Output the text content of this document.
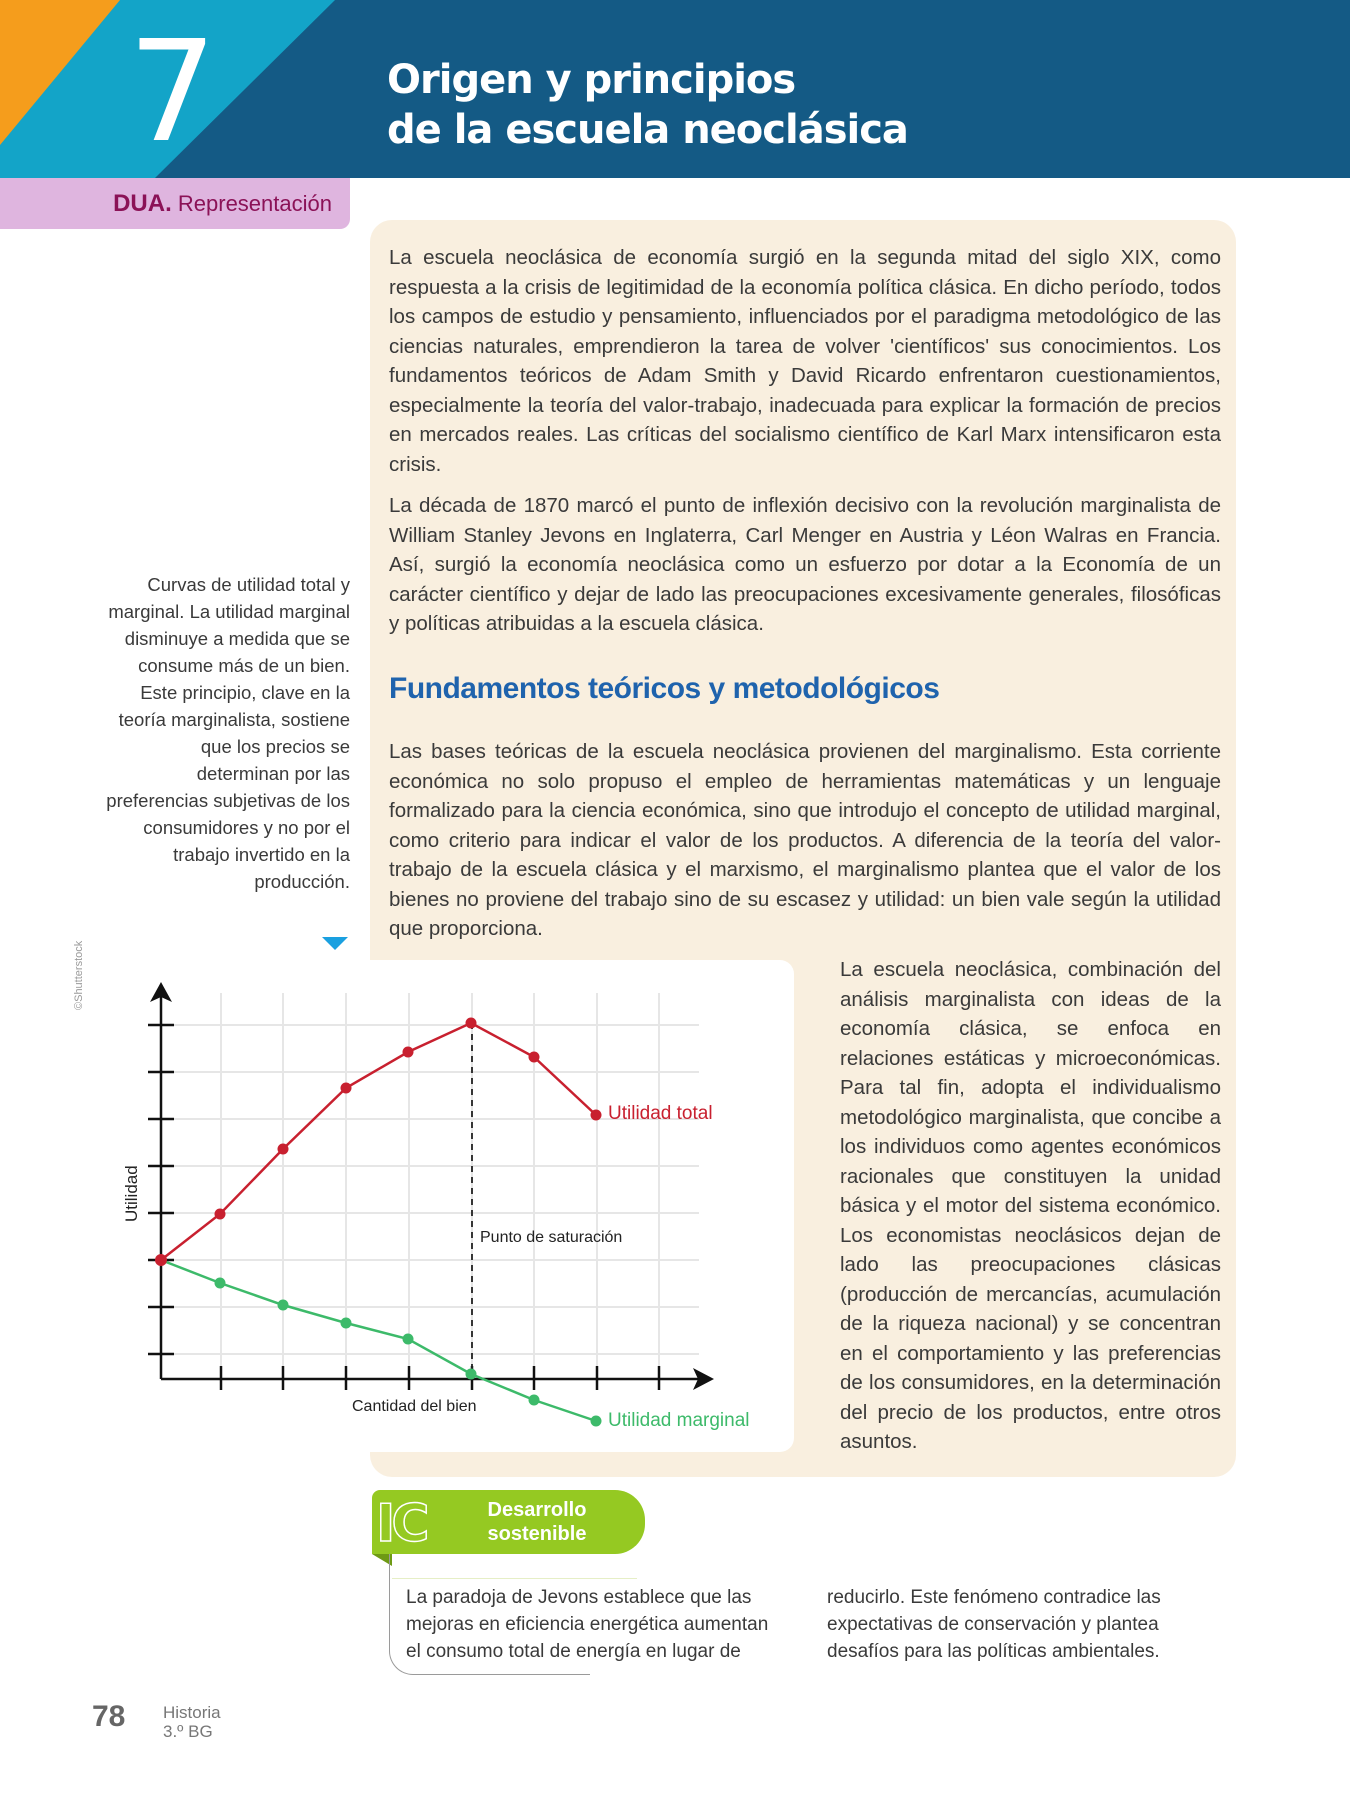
7	Origen y principios
de la escuela neoclásica
DUA. Representación

La escuela neoclásica de economía surgió en la segunda mitad del siglo XIX, como respuesta a la crisis de legitimidad de la economía política clásica. En dicho período, todos los campos de estudio y pensamiento, influenciados por el paradigma metodológico de las ciencias naturales, emprendieron la tarea de volver 'científicos' sus conocimientos. Los fundamentos teóricos de Adam Smith y David Ricardo enfrentaron cuestionamientos, especialmente la teoría del valor-trabajo, inadecuada para explicar la formación de precios en mercados reales. Las críticas del socialismo científico de Karl Marx intensificaron esta crisis.

La década de 1870 marcó el punto de inflexión decisivo con la revolución marginalista de William Stanley Jevons en Inglaterra, Carl Menger en Austria y Léon Walras en Francia. Así, surgió la economía neoclásica como un esfuerzo por dotar a la Economía de un carácter científico y dejar de lado las preocupaciones excesivamente generales, filosóficas y políticas atribuidas a la escuela clásica.

Fundamentos teóricos y metodológicos

Las bases teóricas de la escuela neoclásica provienen del marginalismo. Esta corriente económica no solo propuso el empleo de herramientas matemáticas y un lenguaje formalizado para la ciencia económica, sino que introdujo el concepto de utilidad marginal, como criterio para indicar el valor de los productos. A diferencia de la teoría del valor-trabajo de la escuela clásica y el marxismo, el marginalismo plantea que el valor de los bienes no proviene del trabajo sino de su escasez y utilidad: un bien vale según la utilidad que proporciona.

Curvas de utilidad total y marginal. La utilidad marginal disminuye a medida que se consume más de un bien. Este principio, clave en la teoría marginalista, sostiene que los precios se determinan por las preferencias subjetivas de los consumidores y no por el trabajo invertido en la producción.
©Shutterstock
Utilidad total
Utilidad marginal
Punto de saturación
Cantidad del bien
Utilidad

La escuela neoclásica, combinación del análisis marginalista con ideas de la economía clásica, se enfoca en relaciones estáticas y microeconómicas. Para tal fin, adopta el individualismo metodológico marginalista, que concibe a los individuos como agentes económicos racionales que constituyen la unidad básica y el motor del sistema económico. Los economistas neoclásicos dejan de lado las preocupaciones clásicas (producción de mercancías, acumulación de la riqueza nacional) y se concentran en el comportamiento y las preferencias de los consumidores, en la determinación del precio de los productos, entre otros asuntos.

IC	Desarrollo
sostenible

La paradoja de Jevons establece que las mejoras en eficiencia energética aumentan el consumo total de energía en lugar de

reducirlo. Este fenómeno contradice las expectativas de conservación y plantea desafíos para las políticas ambientales.

78 Historia
3.º BG
